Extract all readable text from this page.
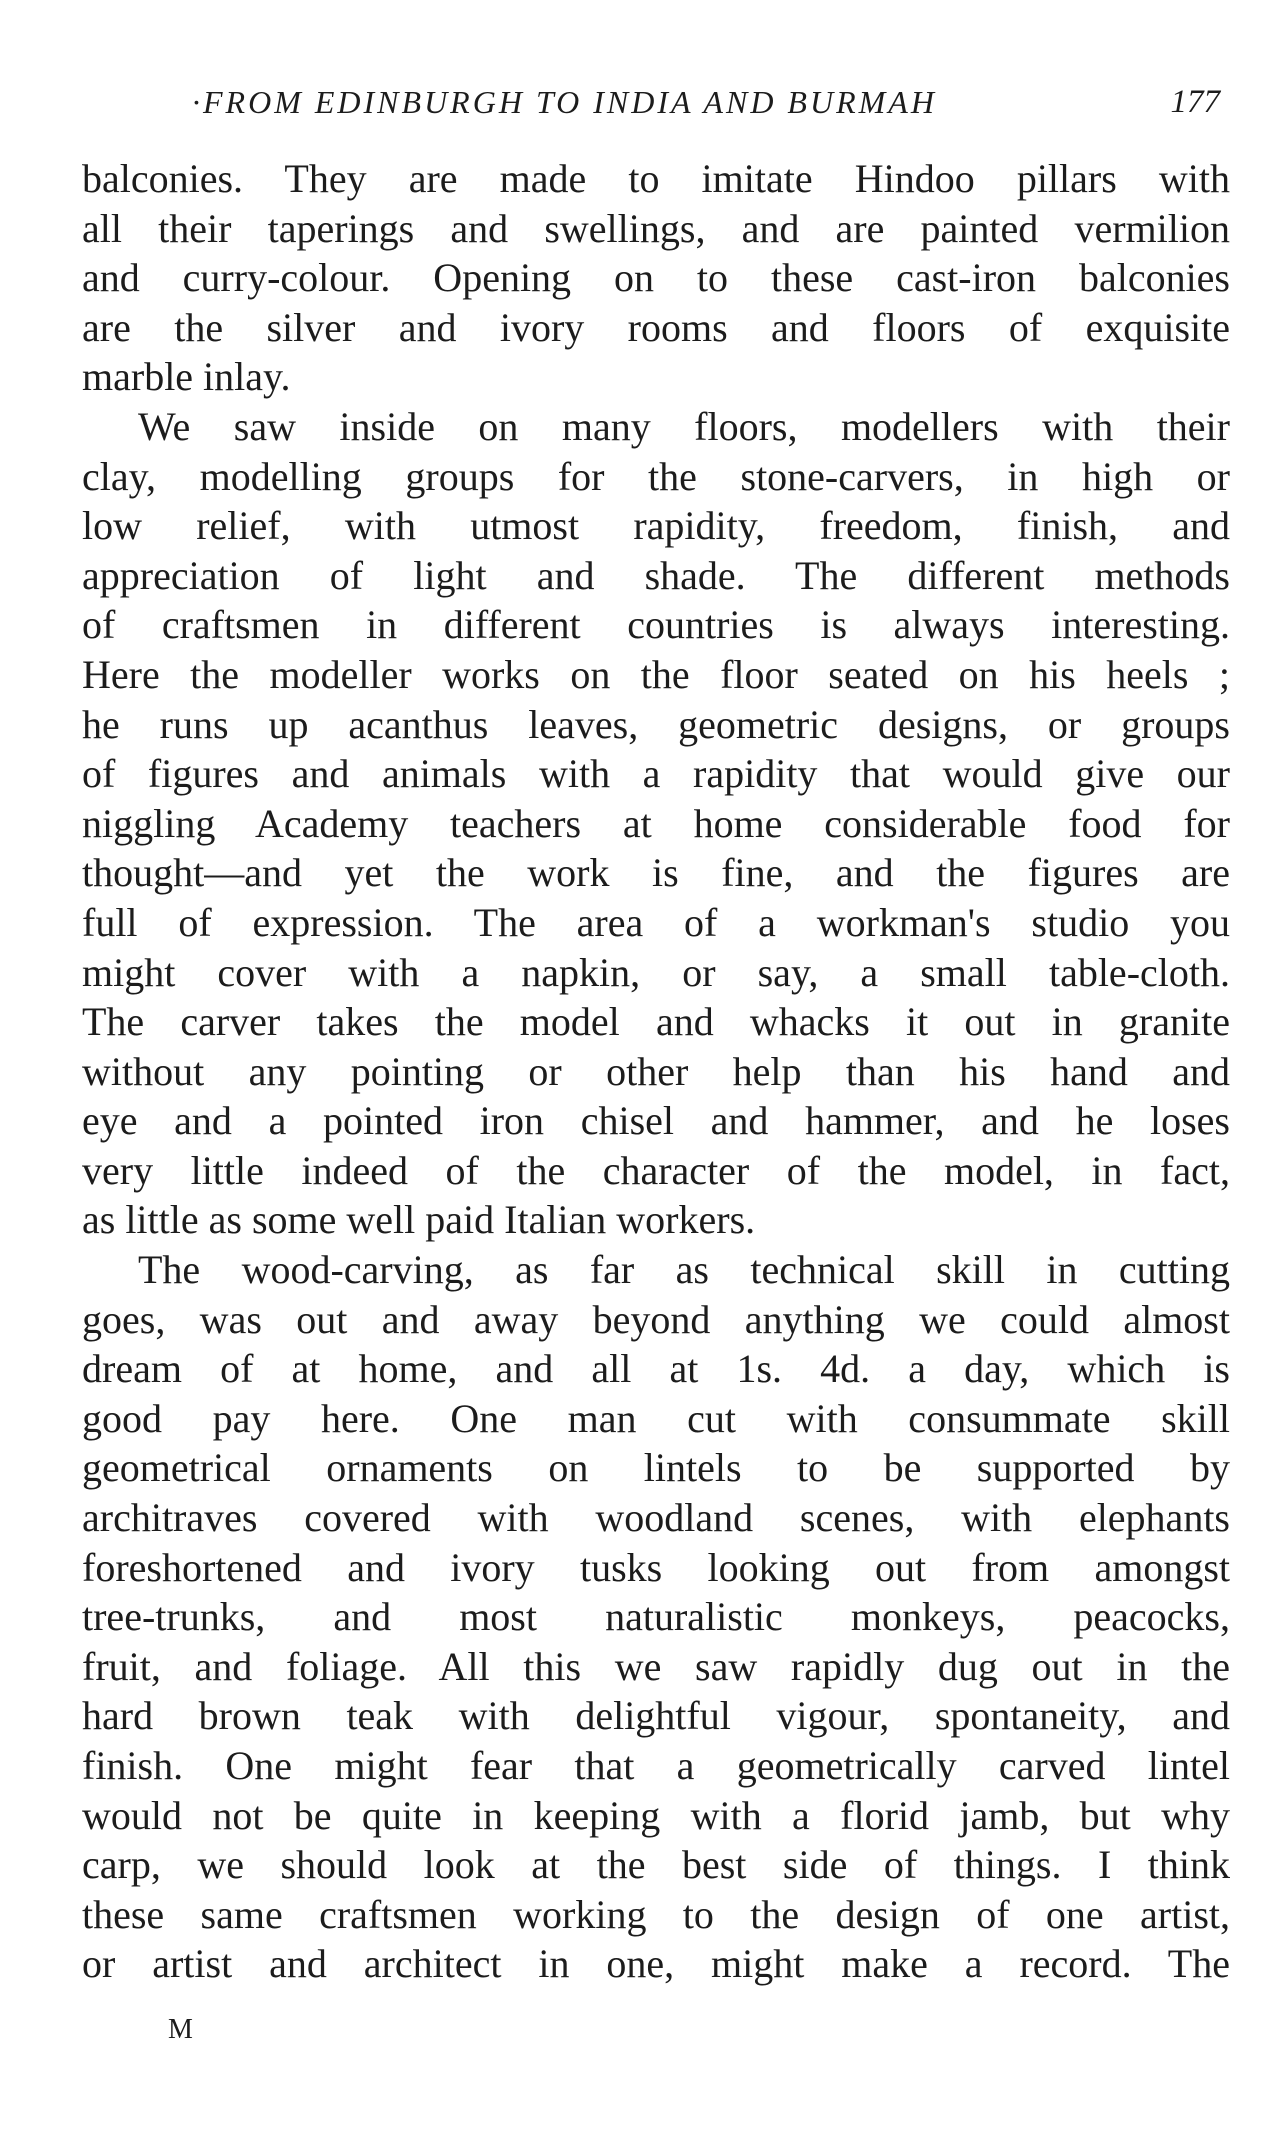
·FROM EDINBURGH TO INDIA AND BURMAH	177
balconies. They are made to imitate Hindoo pillars with
all their taperings and swellings, and are painted vermilion
and curry-colour. Opening on to these cast-iron balconies
are the silver and ivory rooms and floors of exquisite
marble inlay.
We saw inside on many floors, modellers with their
clay, modelling groups for the stone-carvers, in high or
low relief, with utmost rapidity, freedom, finish, and
appreciation of light and shade. The different methods
of craftsmen in different countries is always interesting.
Here the modeller works on the floor seated on his heels ;
he runs up acanthus leaves, geometric designs, or groups
of figures and animals with a rapidity that would give our
niggling Academy teachers at home considerable food for
thought—and yet the work is fine, and the figures are
full of expression. The area of a workman's studio you
might cover with a napkin, or say, a small table-cloth.
The carver takes the model and whacks it out in granite
without any pointing or other help than his hand and
eye and a pointed iron chisel and hammer, and he loses
very little indeed of the character of the model, in fact,
as little as some well paid Italian workers.
The wood-carving, as far as technical skill in cutting
goes, was out and away beyond anything we could almost
dream of at home, and all at 1s. 4d. a day, which is
good pay here. One man cut with consummate skill
geometrical ornaments on lintels to be supported by
architraves covered with woodland scenes, with elephants
foreshortened and ivory tusks looking out from amongst
tree-trunks, and most naturalistic monkeys, peacocks,
fruit, and foliage. All this we saw rapidly dug out in the
hard brown teak with delightful vigour, spontaneity, and
finish. One might fear that a geometrically carved lintel
would not be quite in keeping with a florid jamb, but why
carp, we should look at the best side of things. I think
these same craftsmen working to the design of one artist,
or artist and architect in one, might make a record. The
M
